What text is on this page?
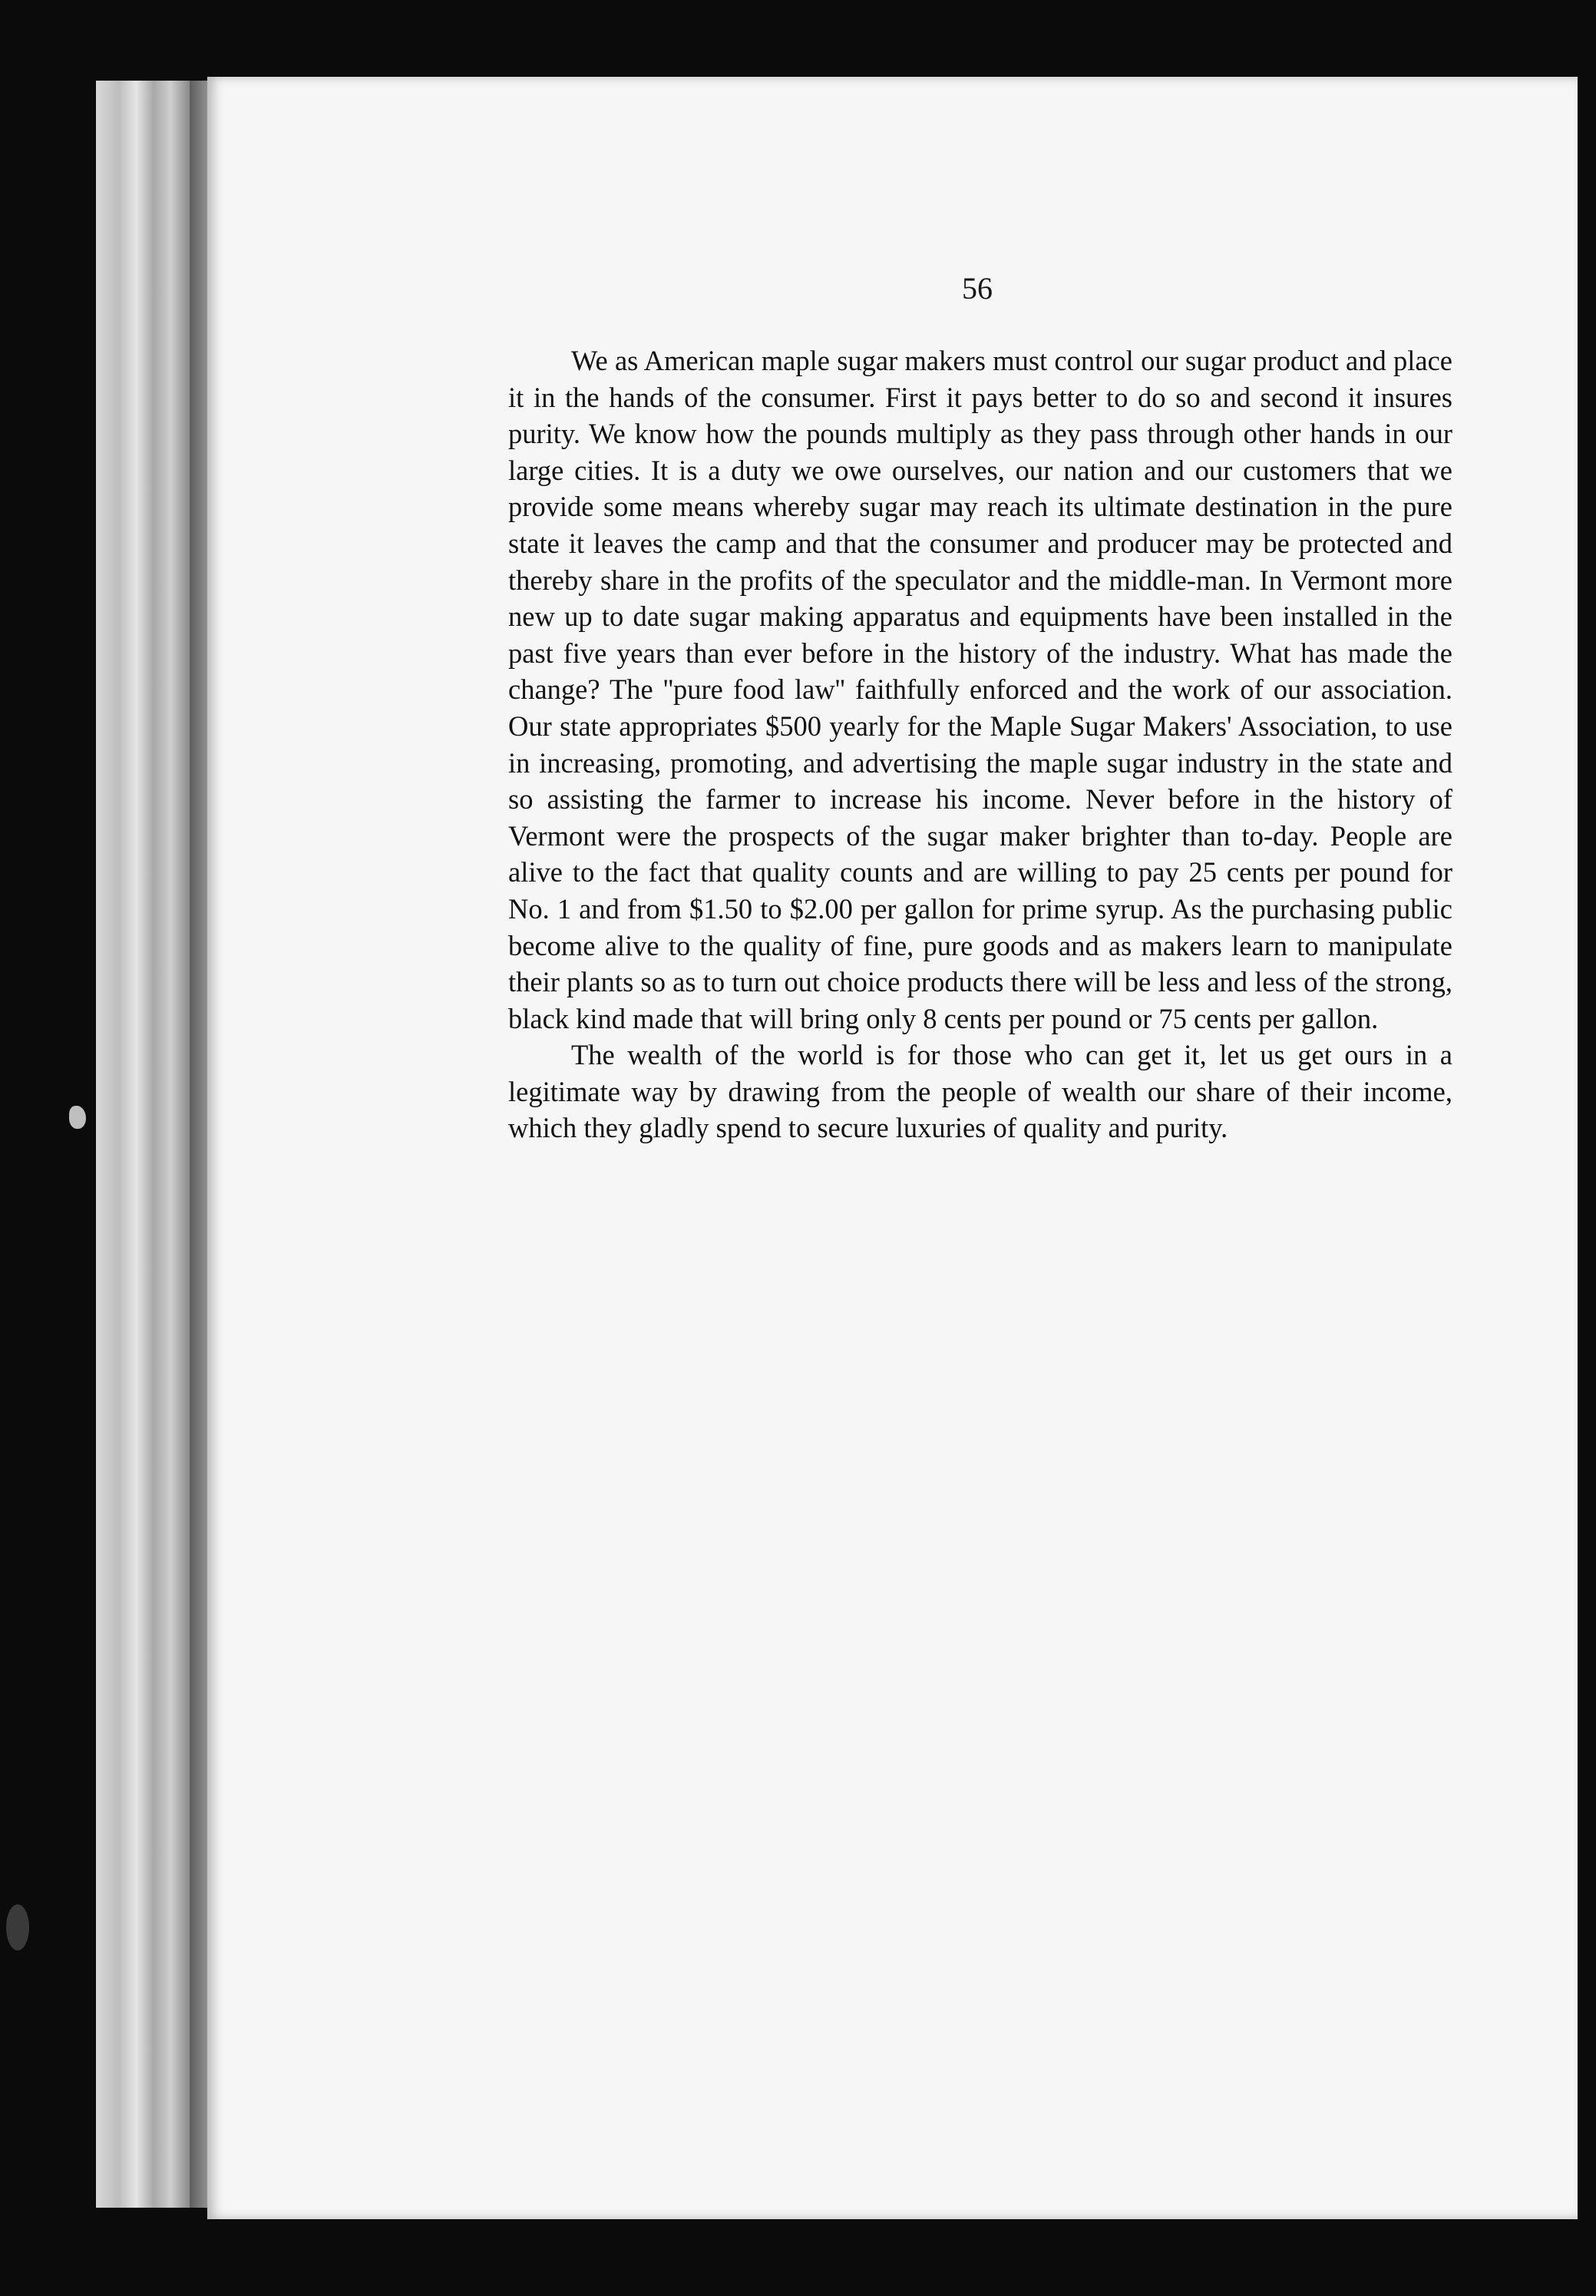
56

We as American maple sugar makers must control our sugar product and place it in the hands of the consumer. First it pays better to do so and second it insures purity. We know how the pounds multiply as they pass through other hands in our large cities. It is a duty we owe ourselves, our nation and our customers that we provide some means whereby sugar may reach its ultimate destination in the pure state it leaves the camp and that the consumer and producer may be protected and thereby share in the profits of the speculator and the middle-man. In Vermont more new up to date sugar making apparatus and equipments have been installed in the past five years than ever before in the history of the industry. What has made the change? The ''pure food law'' faithfully enforced and the work of our association. Our state appropriates $500 yearly for the Maple Sugar Makers' Association, to use in increasing, promoting, and advertising the maple sugar industry in the state and so assisting the farmer to increase his income. Never before in the history of Vermont were the prospects of the sugar maker brighter than to-day. People are alive to the fact that quality counts and are willing to pay 25 cents per pound for No. 1 and from $1.50 to $2.00 per gallon for prime syrup. As the purchasing public become alive to the quality of fine, pure goods and as makers learn to manipulate their plants so as to turn out choice products there will be less and less of the strong, black kind made that will bring only 8 cents per pound or 75 cents per gallon.

The wealth of the world is for those who can get it, let us get ours in a legitimate way by drawing from the people of wealth our share of their income, which they gladly spend to secure luxuries of quality and purity.
